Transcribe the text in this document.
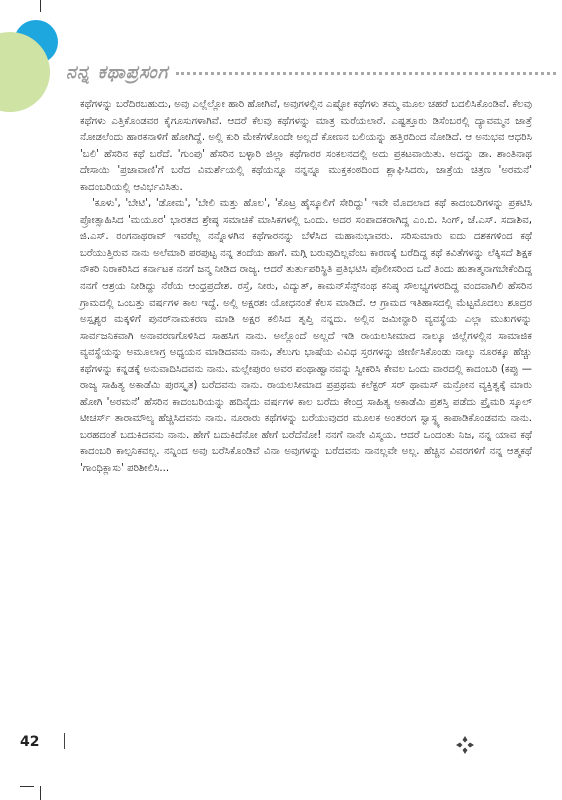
ನನ್ನ ಕಥಾಪ್ರಸಂಗ

ಕಥೆಗಳನ್ನು ಬರೆದಿರಬಹುದು, ಅವು ಎಲ್ಲೆಲ್ಲೋ ಹಾರಿ ಹೋಗಿವೆ, ಅವುಗಳಲ್ಲಿನ ಎಷ್ಟೋ ಕಥೆಗಳು ತಮ್ಮ ಮೂಲ ಚಹರೆ ಬದಲಿಸಿಕೊಂಡಿವೆ. ಕೆಲವು ಕಥೆಗಳು ಎತ್ತಿಕೊಂಡವರ ಕೈಗೂಸುಗಳಾಗಿವೆ. ಆದರೆ ಕೆಲವು ಕಥೆಗಳನ್ನು ಮಾತ್ರ ಮರೆಯಲಾರೆ. ಎಷ್ಟತ್ತೂರು ಡಿಸೆಂಬರಲ್ಲಿ ದ್ಯಾವಮ್ಮನ ಜಾತ್ರೆ ನೋಡಲೆಂದು ಹಾರಕನಾಳಿಗೆ ಹೋಗಿದ್ದೆ. ಅಲ್ಲಿ ಕುರಿ ಮೇಕೆಗಳೊಂದೇ ಅಲ್ಲದೆ ಕೋಣನ ಬಲಿಯನ್ನು ಹತ್ತಿರದಿಂದ ನೋಡಿದೆ. ಆ ಅನುಭವ ಆಧರಿಸಿ 'ಬಲಿ' ಹೆಸರಿನ ಕಥೆ ಬರೆದೆ. 'ಗುಂಪು' ಹೆಸರಿನ ಬಳ್ಳಾರಿ ಜಿಲ್ಲಾ ಕಥೆಗಾರರ ಸಂಕಲನದಲ್ಲಿ ಅದು ಪ್ರಕಟವಾಯಿತು. ಅದನ್ನು ಡಾ. ಶಾಂತಿನಾಥ ದೇಸಾಯಿ 'ಪ್ರಜಾವಾಣಿ'ಗೆ ಬರೆದ ವಿಮರ್ಶೆಯಲ್ಲಿ ಕಥೆಯನ್ನೂ ನನ್ನನ್ನೂ ಮುಕ್ತಕಂಠದಿಂದ ಶ್ಲಾಘಿಸಿದರು, ಜಾತ್ರೆಯ ಚಿತ್ರಣ 'ಅರಮನೆ' ಕಾದಂಬರಿಯಲ್ಲಿ ಆವಿರ್ಭವಿಸಿತು.

'ಕೂಳು', 'ಬೇಟಿ', 'ಡೋಮ', 'ಬೇಲಿ ಮತ್ತು ಹೊಲ', 'ಕೊಟ್ರ ಹೈಸ್ಕೂಲಿಗೆ ಸೇರಿದ್ದು' ಇವೇ ಮೊದಲಾದ ಕಥೆ ಕಾದಂಬರಿಗಳನ್ನು ಪ್ರಕಟಿಸಿ ಪ್ರೋತ್ಸಾಹಿಸಿದ 'ಮಯೂರ' ಭಾರತದ ಶ್ರೇಷ್ಠ ಸಮಾಚಿಕೆ ಮಾಸಿಕಗಳಲ್ಲಿ ಒಂದು. ಅದರ ಸಂಪಾದಕರಾಗಿದ್ದ ಎಂ.ಬಿ. ಸಿಂಗ್, ಜೆ.ಎಸ್. ಸದಾಶಿವ, ಜಿ.ಎಸ್. ರಂಗನಾಥರಾವ್ ಇವರೆಲ್ಲ ನನ್ನೊಳಗಿನ ಕಥೆಗಾರನನ್ನು ಬೆಳೆಸಿದ ಮಹಾನುಭಾವರು. ಸರಿಸುಮಾರು ಐದು ದಶಕಗಳಿಂದ ಕಥೆ ಬರೆಯುತ್ತಿರುವ ನಾನು ಅಲೆಮಾರಿ ಪರಪುಟ್ಟ ನನ್ನ ತಂದೆಯ ಹಾಗೆ. ಮಗ್ಗಿ ಬರುವುದಿಲ್ಲವೆಂಬ ಕಾರಣಕ್ಕೆ ಬರೆದಿದ್ದ ಕಥೆ ಕವಿತೆಗಳನ್ನು ಲೆಕ್ಕಿಸದೆ ಶಿಕ್ಷಕ ನೌಕರಿ ನಿರಾಕರಿಸಿದ ಕರ್ನಾಟಕ ನನಗೆ ಜನ್ಮ ನೀಡಿದ ರಾಜ್ಯ. ಆದರೆ ತುರ್ತುಪರಿಸ್ಥಿತಿ ಪ್ರತಿಭಟಿಸಿ ಪೊಲೀಸರಿಂದ ಒದೆ ತಿಂದು ಹುತಾತ್ಮನಾಗಬೇಕೆಂದಿದ್ದ ನನಗೆ ಆಶ್ರಯ ನೀಡಿದ್ದು ನೆರೆಯ ಆಂಧ್ರಪ್ರದೇಶ. ರಸ್ತೆ, ನೀರು, ವಿದ್ಯುತ್, ಕಾಮನ್‌ಸೆನ್ಸ್‌ನಂಥ ಕನಿಷ್ಠ ಸೌಲಭ್ಯಗಳರದಿದ್ದ ವಂದವಾಗಿಲಿ ಹೆಸರಿನ ಗ್ರಾಮದಲ್ಲಿ ಒಂಬತ್ತು ವರ್ಷಗಳ ಕಾಲ ಇದ್ದೆ. ಅಲ್ಲಿ ಅಕ್ಷರಶಃ ಯೋಧನಂತೆ ಕೆಲಸ ಮಾಡಿದೆ. ಆ ಗ್ರಾಮದ ಇತಿಹಾಸದಲ್ಲಿ ಮೆಟ್ಟಮೊದಲು ಶೂದ್ರರ ಅಸ್ಪೃಶ್ಯರ ಮಕ್ಕಳಿಗೆ ಪುನರ್‌ನಾಮಕರಣ ಮಾಡಿ ಅಕ್ಷರ ಕಲಿಸಿದ ತೃಪ್ತಿ ನನ್ನದು. ಅಲ್ಲಿನ ಜಮೀನ್ದಾರಿ ವ್ಯವಸ್ಥೆಯ ಎಲ್ಲಾ ಮುಖಗಳನ್ನು ಸಾರ್ವಜನಿಕವಾಗಿ ಅನಾವರಣಗೊಳಿಸಿದ ಸಾಹಸಿಗ ನಾನು. ಅಲ್ಲೊಂದೆ ಅಲ್ಲದೆ ಇಡಿ ರಾಯಲಸೀಮಾದ ನಾಲ್ಕೂ ಜಿಲ್ಲೆಗಳಲ್ಲಿನ ಸಾಮಾಜಿಕ ವ್ಯವಸ್ಥೆಯನ್ನು ಅಮೂಲಾಗ್ರ ಅಧ್ಯಯನ ಮಾಡಿದವನು ನಾನು, ತೆಲುಗು ಭಾಷೆಯ ವಿವಿಧ ಸ್ತರಗಳನ್ನು ಜೀರ್ಣಿಸಿಕೊಂಡು ನಾಲ್ಕು ನೂರಕ್ಕೂ ಹೆಚ್ಚು ಕಥೆಗಳನ್ನು ಕನ್ನಡಕ್ಕೆ ಅನುವಾದಿಸಿದವನು ನಾನು. ಮಲ್ಲೇಪುರಂ ಅವರ ಪಂಥಾಹ್ವಾನವನ್ನು ಸ್ವೀಕರಿಸಿ ಕೇವಲ ಒಂದು ವಾರದಲ್ಲಿ ಕಾದಂಬರಿ (ಕಪ್ಪು — ರಾಜ್ಯ ಸಾಹಿತ್ಯ ಅಕಾಡೆಮಿ ಪುರಸ್ಕೃತ) ಬರೆದವನು ನಾನು. ರಾಯಲಸೀಮಾದ ಪ್ರಪ್ರಥಮ ಕಲೆಕ್ಟರ್ ಸರ್ ಥಾಮಸ್ ಮನ್ರೋನ ವ್ಯಕ್ತಿತ್ವಕ್ಕೆ ಮಾರು ಹೋಗಿ 'ಅರಮನೆ' ಹೆಸರಿನ ಕಾದಂಬರಿಯನ್ನು ಹದಿನೈದು ವರ್ಷಗಳ ಕಾಲ ಬರೆದು ಕೇಂದ್ರ ಸಾಹಿತ್ಯ ಅಕಾಡೆಮಿ ಪ್ರಶಸ್ತಿ ಪಡೆದು ಪ್ರೈಮರಿ ಸ್ಕೂಲ್ ಟೀಚರ್ಸ್ ತಾರಾಮೌಲ್ಯ ಹೆಚ್ಚಿಸಿದವನು ನಾನು. ನೂರಾರು ಕಥೆಗಳನ್ನು ಬರೆಯುವುದರ ಮೂಲಕ ಅಂತರಂಗ ಸ್ವಾಸ್ಥ್ಯ ಕಾಪಾಡಿಕೊಂಡವನು ನಾನು. ಬರಹದಂತೆ ಬದುಕಿದವನು ನಾನು. ಹೇಗೆ ಬದುಕಿದೆನೋ ಹೇಗೆ ಬರೆದೆನೋ! ನನಗೆ ನಾನೇ ವಿಸ್ಮಯ. ಆದರೆ ಒಂದಂತು ನಿಜ, ನನ್ನ ಯಾವ ಕಥೆ ಕಾದಂಬರಿ ಕಾಲ್ಪನಿಕವಲ್ಲ. ನನ್ನಿಂದ ಅವು ಬರೆಸಿಕೊಂಡಿವೆ ವಿನಾ ಅವುಗಳನ್ನು ಬರೆದವನು ನಾನಲ್ಲವೇ ಅಲ್ಲ. ಹೆಚ್ಚಿನ ವಿವರಗಳಿಗೆ ನನ್ನ ಆತ್ಮಕಥೆ 'ಗಾಂಧಿಕ್ಲಾಸು' ಪರಿಶೀಲಿಸಿ...

42
